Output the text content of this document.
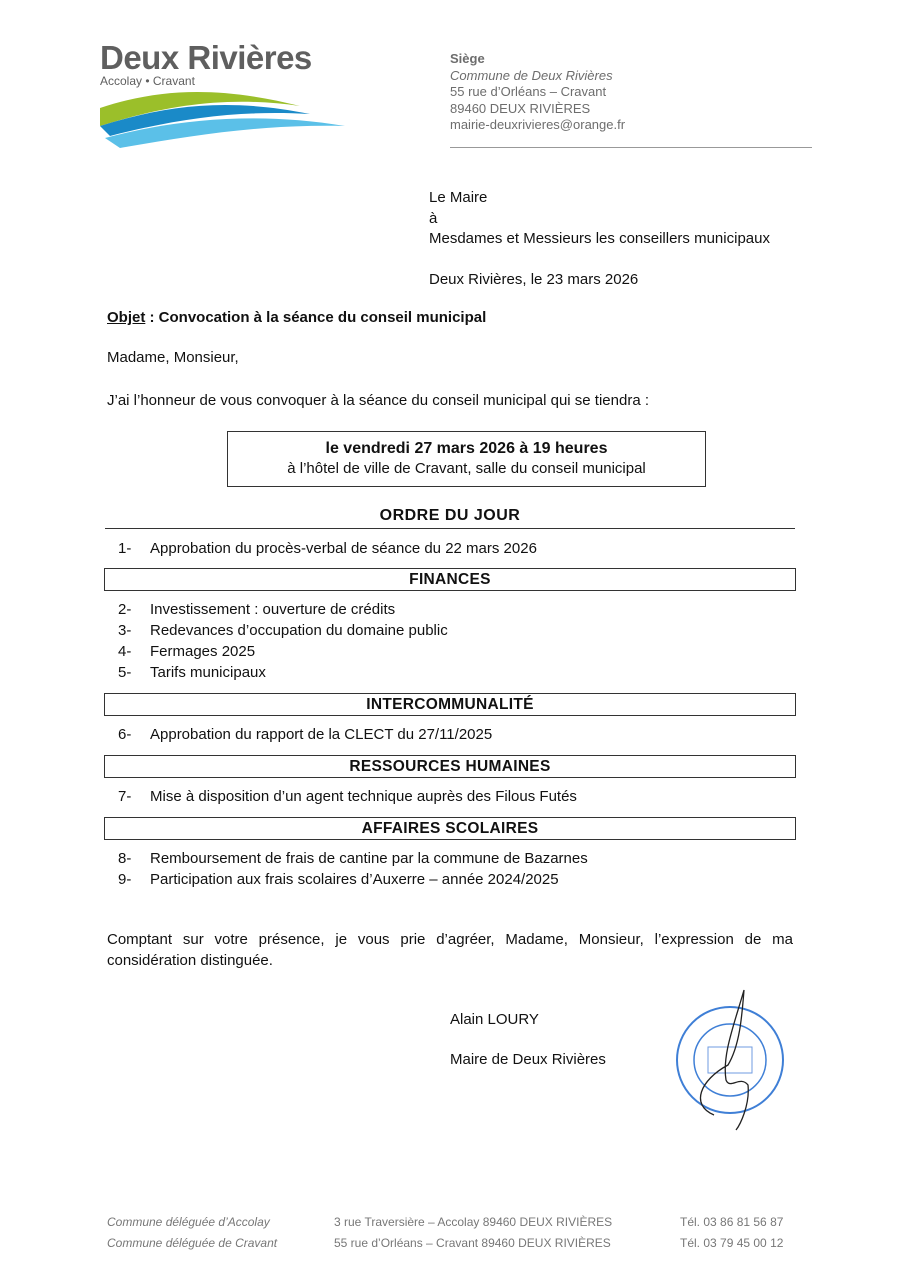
Deux Rivières
Accolay • Cravant
Siège
Commune de Deux Rivières
55 rue d’Orléans – Cravant
89460 DEUX RIVIÈRES
mairie-deuxrivieres@orange.fr
Le Maire
à
Mesdames et Messieurs les conseillers municipaux
Deux Rivières, le 23 mars 2026
Objet : Convocation à la séance du conseil municipal
Madame, Monsieur,
J’ai l’honneur de vous convoquer à la séance du conseil municipal qui se tiendra :
le vendredi 27 mars 2026 à 19 heures
à l’hôtel de ville de Cravant, salle du conseil municipal
ORDRE DU JOUR
1- Approbation du procès-verbal de séance du 22 mars 2026
FINANCES
2- Investissement : ouverture de crédits
3- Redevances d’occupation du domaine public
4- Fermages 2025
5- Tarifs municipaux
INTERCOMMUNALITÉ
6- Approbation du rapport de la CLECT du 27/11/2025
RESSOURCES HUMAINES
7- Mise à disposition d’un agent technique auprès des Filous Futés
AFFAIRES SCOLAIRES
8- Remboursement de frais de cantine par la commune de Bazarnes
9- Participation aux frais scolaires d’Auxerre – année 2024/2025
Comptant sur votre présence, je vous prie d’agréer, Madame, Monsieur, l’expression de ma considération distinguée.
Alain LOURY
Maire de Deux Rivières
Commune déléguée d’Accolay
Commune déléguée de Cravant
3 rue Traversière – Accolay 89460 DEUX RIVIÈRES
55 rue d’Orléans – Cravant 89460 DEUX RIVIÈRES
Tél. 03 86 81 56 87
Tél. 03 79 45 00 12
